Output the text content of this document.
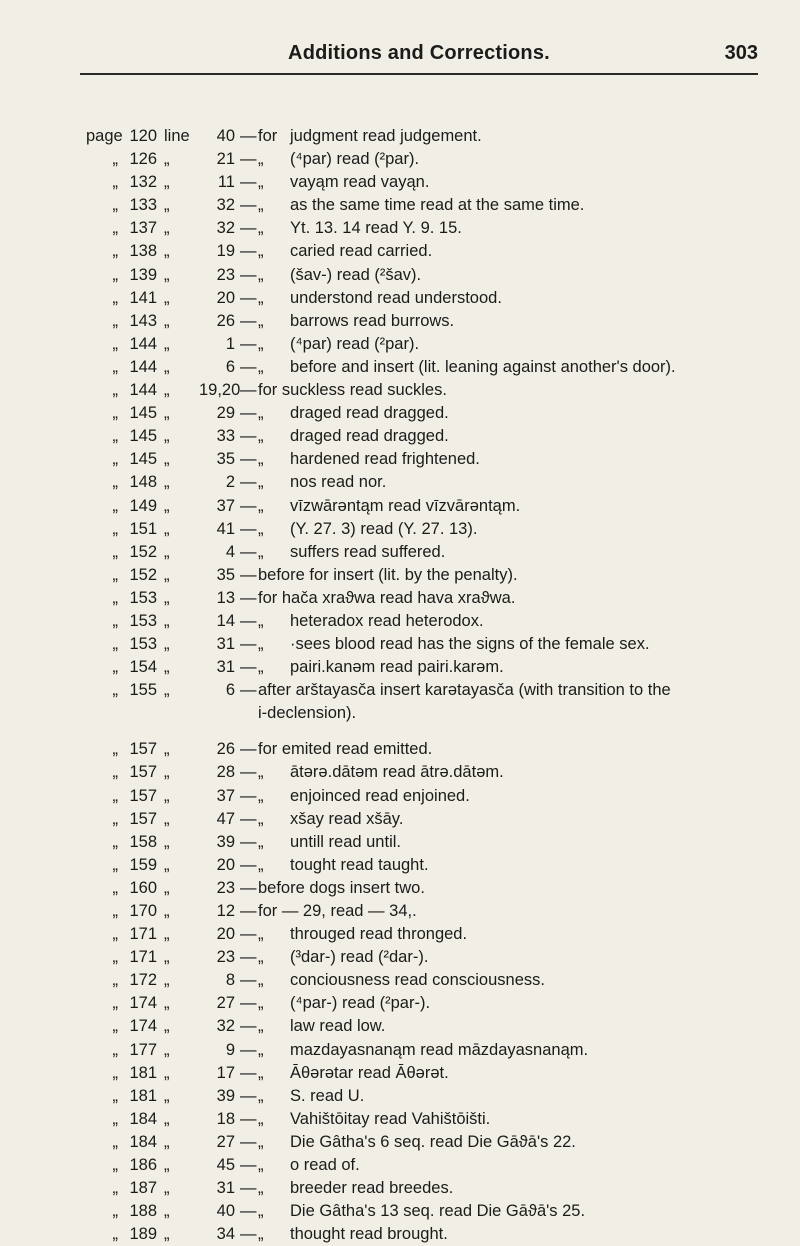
Additions and Corrections.	303
page 120 line	40 — for judgment read judgement.
„ 126 „	21 — „	(⁴par) read (²par).
„ 132 „	11 — „	vayąm read vayąn.
„ 133 „	32 — „	as the same time read at the same time.
„ 137 „	32 — „	Yt. 13. 14 read Y. 9. 15.
„ 138 „	19 — „	caried read carried.
„ 139 „	23 — „	(šav-) read (²šav).
„ 141 „	20 — „	understond read understood.
„ 143 „	26 — „	barrows read burrows.
„ 144 „	1 — „	(⁴par) read (²par).
„ 144 „	6 — „	before and insert (lit. leaning against another's door).
„ 144 „	19,20 — for suckless read suckles.
„ 145 „	29 — „	draged read dragged.
„ 145 „	33 — „	draged read dragged.
„ 145 „	35 — „	hardened read frightened.
„ 148 „	2 — „	nos read nor.
„ 149 „	37 — „	vīzwārəntąm read vīzvārəntąm.
„ 151 „	41 — „	(Y. 27. 3) read (Y. 27. 13).
„ 152 „	4 — „	suffers read suffered.
„ 152 „	35 — before for insert (lit. by the penalty).
„ 153 „	13 — for hača xraϑwa read hava xraϑwa.
„ 153 „	14 — „	heteradox read heterodox.
„ 153 „	31 — „	·sees blood read has the signs of the female sex.
„ 154 „	31 — „	pairi.kanəm read pairi.karəm.
„ 155 „	6 — after arštayasča insert karətayasča (with transition to the
i-declension).
„ 157 „	26 — for emited read emitted.
„ 157 „	28 — „	ātərə.dātəm read ātrə.dātəm.
„ 157 „	37 — „	enjoinced read enjoined.
„ 157 „	47 — „	xšay read xšāy.
„ 158 „	39 — „	untill read until.
„ 159 „	20 — „	tought read taught.
„ 160 „	23 — before dogs insert two.
„ 170 „	12 — for — 29, read — 34,.
„ 171 „	20 — „	througed read thronged.
„ 171 „	23 — „	(³dar-) read (²dar-).
„ 172 „	8 — „	conciousness read consciousness.
„ 174 „	27 — „	(⁴par-) read (²par-).
„ 174 „	32 — „	law read low.
„ 177 „	9 — „	mazdayasnanąm read māzdayasnanąm.
„ 181 „	17 — „	Āθərətar read Āθərət.
„ 181 „	39 — „	S. read U.
„ 184 „	18 — „	Vahištōitay read Vahištōišti.
„ 184 „	27 — „	Die Gâtha's 6 seq. read Die Gāϑā's 22.
„ 186 „	45 — „	o read of.
„ 187 „	31 — „	breeder read breedes.
„ 188 „	40 — „	Die Gâtha's 13 seq. read Die Gāϑā's 25.
„ 189 „	34 — „	thought read brought.
